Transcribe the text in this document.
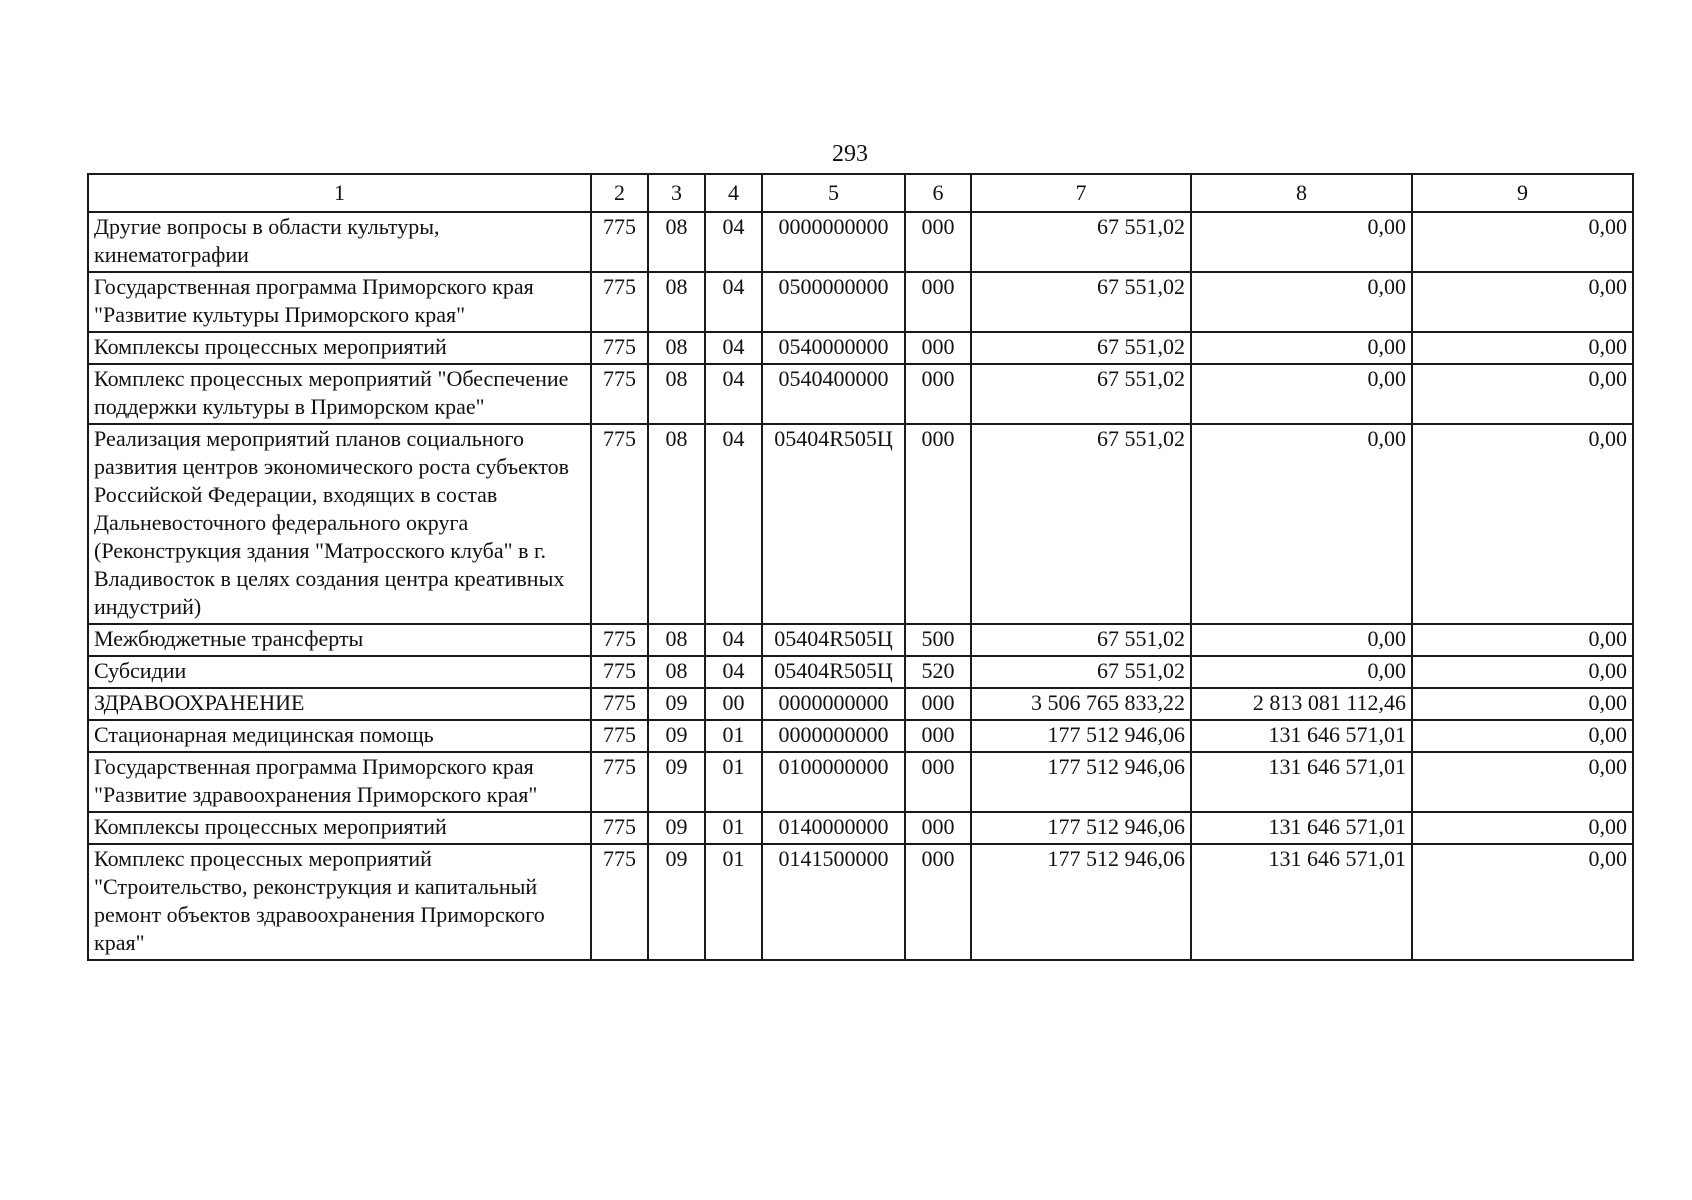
293
1	2	3	4	5	6	7	8	9
Другие вопросы в области культуры, кинематографии	775	08	04	0000000000	000	67 551,02	0,00	0,00
Государственная программа Приморского края "Развитие культуры Приморского края"	775	08	04	0500000000	000	67 551,02	0,00	0,00
Комплексы процессных мероприятий	775	08	04	0540000000	000	67 551,02	0,00	0,00
Комплекс процессных мероприятий "Обеспечение поддержки культуры в Приморском крае"	775	08	04	0540400000	000	67 551,02	0,00	0,00
Реализация мероприятий планов социального развития центров экономического роста субъектов Российской Федерации, входящих в состав Дальневосточного федерального округа (Реконструкция здания "Матросского клуба" в г. Владивосток в целях создания центра креативных индустрий)	775	08	04	05404R505Ц	000	67 551,02	0,00	0,00
Межбюджетные трансферты	775	08	04	05404R505Ц	500	67 551,02	0,00	0,00
Субсидии	775	08	04	05404R505Ц	520	67 551,02	0,00	0,00
ЗДРАВООХРАНЕНИЕ	775	09	00	0000000000	000	3 506 765 833,22	2 813 081 112,46	0,00
Стационарная медицинская помощь	775	09	01	0000000000	000	177 512 946,06	131 646 571,01	0,00
Государственная программа Приморского края "Развитие здравоохранения Приморского края"	775	09	01	0100000000	000	177 512 946,06	131 646 571,01	0,00
Комплексы процессных мероприятий	775	09	01	0140000000	000	177 512 946,06	131 646 571,01	0,00
Комплекс процессных мероприятий "Строительство, реконструкция и капитальный ремонт объектов здравоохранения Приморского края"	775	09	01	0141500000	000	177 512 946,06	131 646 571,01	0,00
